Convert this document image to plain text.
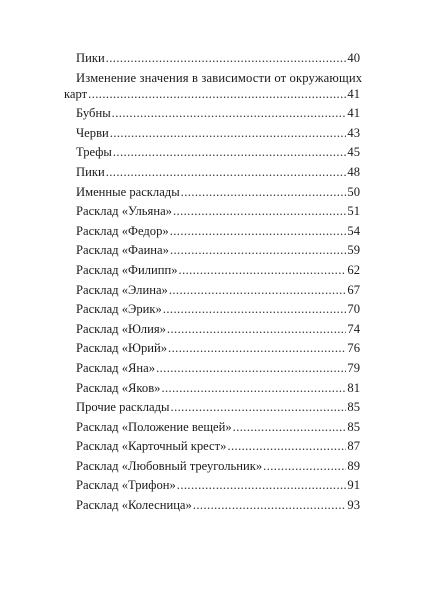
Пики .....	40
Изменение значения в зависимости от окружающих
карт .....	41
Бубны .....	41
Черви .....	43
Трефы .....	45
Пики .....	48
Именные расклады .....	50
Расклад «Ульяна» .....	51
Расклад «Федор» .....	54
Расклад «Фаина» .....	59
Расклад «Филипп» .....	62
Расклад «Элина» .....	67
Расклад «Эрик» .....	70
Расклад «Юлия» .....	74
Расклад «Юрий» .....	76
Расклад «Яна» .....	79
Расклад «Яков» .....	81
Прочие расклады .....	85
Расклад «Положение вещей» .....	85
Расклад «Карточный крест» .....	87
Расклад «Любовный треугольник» .....	89
Расклад «Трифон» .....	91
Расклад «Колесница» .....	93
